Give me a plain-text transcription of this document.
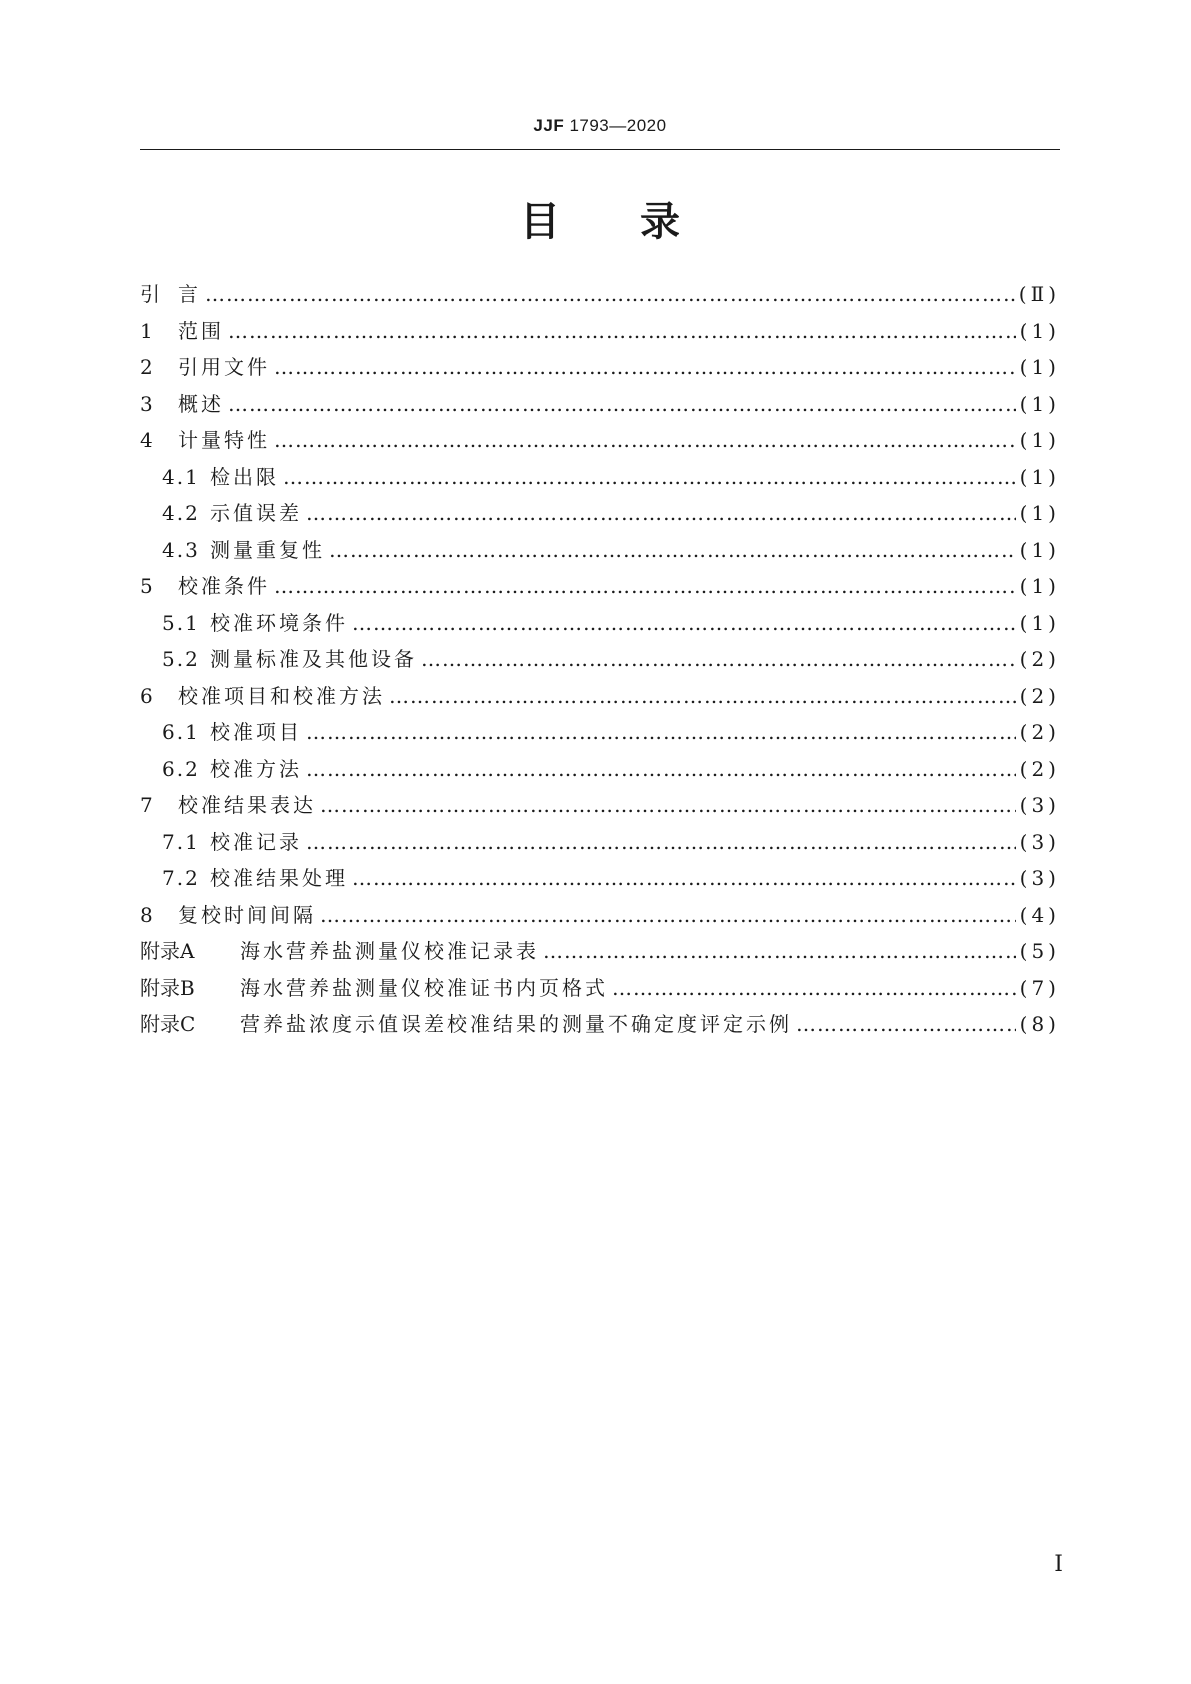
JJF 1793—2020
目 录
引 言 …………………………………………………………………………………………………………………………………………………………………………………	(Ⅱ)
1	范围 …………………………………………………………………………………………………………………………………………………………………………………	(1)
2	引用文件 …………………………………………………………………………………………………………………………………………………………………………………	(1)
3	概述 …………………………………………………………………………………………………………………………………………………………………………………	(1)
4	计量特性 …………………………………………………………………………………………………………………………………………………………………………………	(1)
4.1 检出限 …………………………………………………………………………………………………………………………………………………………………………………	(1)
4.2 示值误差 …………………………………………………………………………………………………………………………………………………………………………………	(1)
4.3 测量重复性 …………………………………………………………………………………………………………………………………………………………………………………	(1)
5	校准条件 …………………………………………………………………………………………………………………………………………………………………………………	(1)
5.1 校准环境条件 …………………………………………………………………………………………………………………………………………………………………………………	(1)
5.2 测量标准及其他设备 …………………………………………………………………………………………………………………………………………………………………………………	(2)
6	校准项目和校准方法 …………………………………………………………………………………………………………………………………………………………………………………	(2)
6.1 校准项目 …………………………………………………………………………………………………………………………………………………………………………………	(2)
6.2 校准方法 …………………………………………………………………………………………………………………………………………………………………………………	(2)
7	校准结果表达 …………………………………………………………………………………………………………………………………………………………………………………	(3)
7.1 校准记录 …………………………………………………………………………………………………………………………………………………………………………………	(3)
7.2 校准结果处理 …………………………………………………………………………………………………………………………………………………………………………………	(3)
8	复校时间间隔 …………………………………………………………………………………………………………………………………………………………………………………	(4)
附录A	海水营养盐测量仪校准记录表 …………………………………………………………………………………………………………………………………………………………………………………	(5)
附录B	海水营养盐测量仪校准证书内页格式 …………………………………………………………………………………………………………………………………………………………………………………	(7)
附录C	营养盐浓度示值误差校准结果的测量不确定度评定示例 …………………………………………………………………………………………………………………………………………………………………………………	(8)
Ⅰ
